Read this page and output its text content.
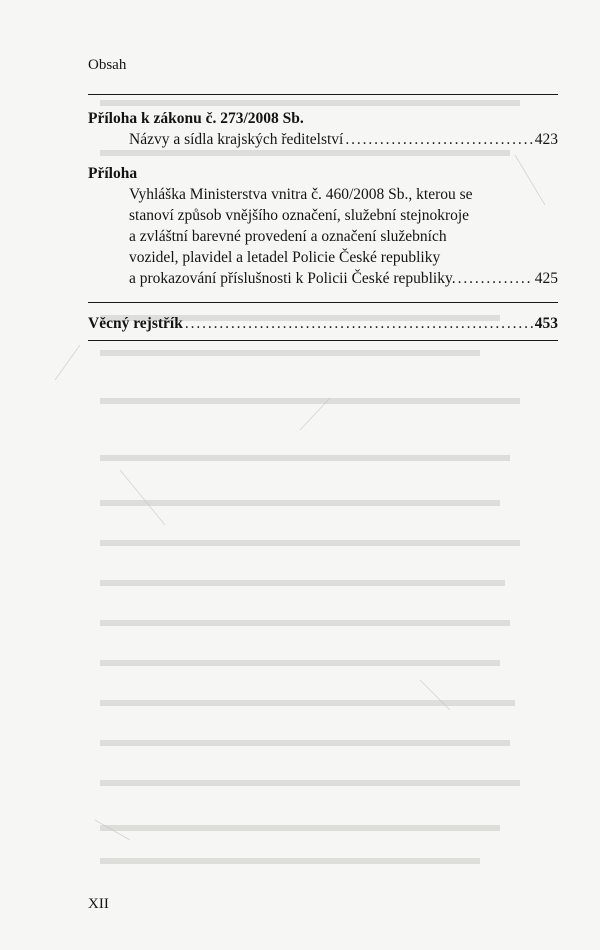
Obsah
Příloha k zákonu č. 273/2008 Sb.
Názvy a sídla krajských ředitelství . . .	423
Příloha
Vyhláška Ministerstva vnitra č. 460/2008 Sb., kterou se
stanoví způsob vnějšího označení, služební stejnokroje
a zvláštní barevné provedení a označení služebních
vozidel, plavidel a letadel Policie České republiky
a prokazování příslušnosti k Policii České republiky. . . .	425
Věcný rejstřík . . .	453
XII
